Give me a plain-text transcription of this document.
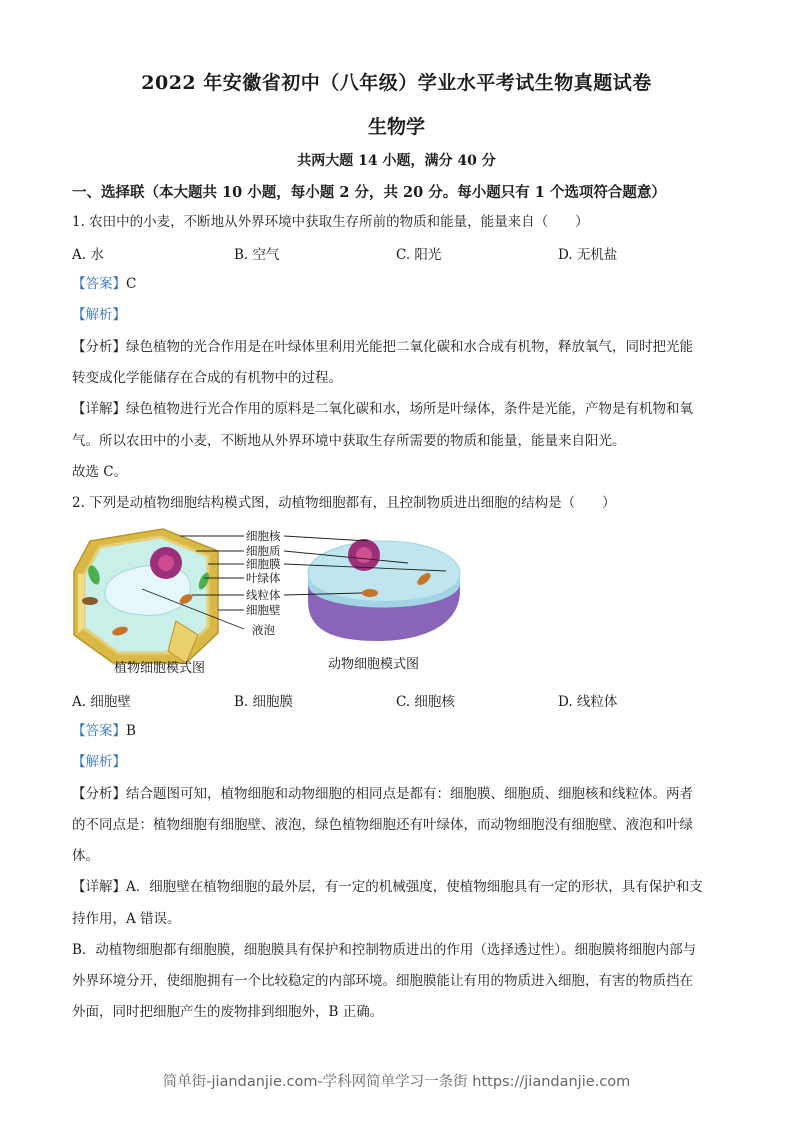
2022 年安徽省初中（八年级）学业水平考试生物真题试卷
生物学
共两大题 14 小题，满分 40 分
一、选择联（本大题共 10 小题，每小题 2 分，共 20 分。每小题只有 1 个选项符合题意）
1. 农田中的小麦，不断地从外界环境中获取生存所前的物质和能量，能量来自（　　）
A. 水	B. 空气	C. 阳光	D. 无机盐
【答案】C
【解析】
【分析】绿色植物的光合作用是在叶绿体里利用光能把二氧化碳和水合成有机物，释放氧气，同时把光能
转变成化学能储存在合成的有机物中的过程。
【详解】绿色植物进行光合作用的原料是二氧化碳和水，场所是叶绿体，条件是光能，产物是有机物和氧
气。所以农田中的小麦，不断地从外界环境中获取生存所需要的物质和能量，能量来自阳光。
故选 C。
2. 下列是动植物细胞结构模式图，动植物细胞都有，且控制物质进出细胞的结构是（　　）
细胞核
细胞质
细胞膜
叶绿体
线粒体
细胞壁
液泡
植物细胞模式图	动物细胞模式图
A. 细胞壁	B. 细胞膜	C. 细胞核	D. 线粒体
【答案】B
【解析】
【分析】结合题图可知，植物细胞和动物细胞的相同点是都有：细胞膜、细胞质、细胞核和线粒体。两者
的不同点是：植物细胞有细胞壁、液泡，绿色植物细胞还有叶绿体，而动物细胞没有细胞壁、液泡和叶绿
体。
【详解】A．细胞壁在植物细胞的最外层，有一定的机械强度，使植物细胞具有一定的形状，具有保护和支
持作用，A 错误。
B．动植物细胞都有细胞膜，细胞膜具有保护和控制物质进出的作用（选择透过性）。细胞膜将细胞内部与
外界环境分开，使细胞拥有一个比较稳定的内部环境。细胞膜能让有用的物质进入细胞，有害的物质挡在
外面，同时把细胞产生的废物排到细胞外，B 正确。
简单街-jiandanjie.com-学科网简单学习一条街 https://jiandanjie.com
